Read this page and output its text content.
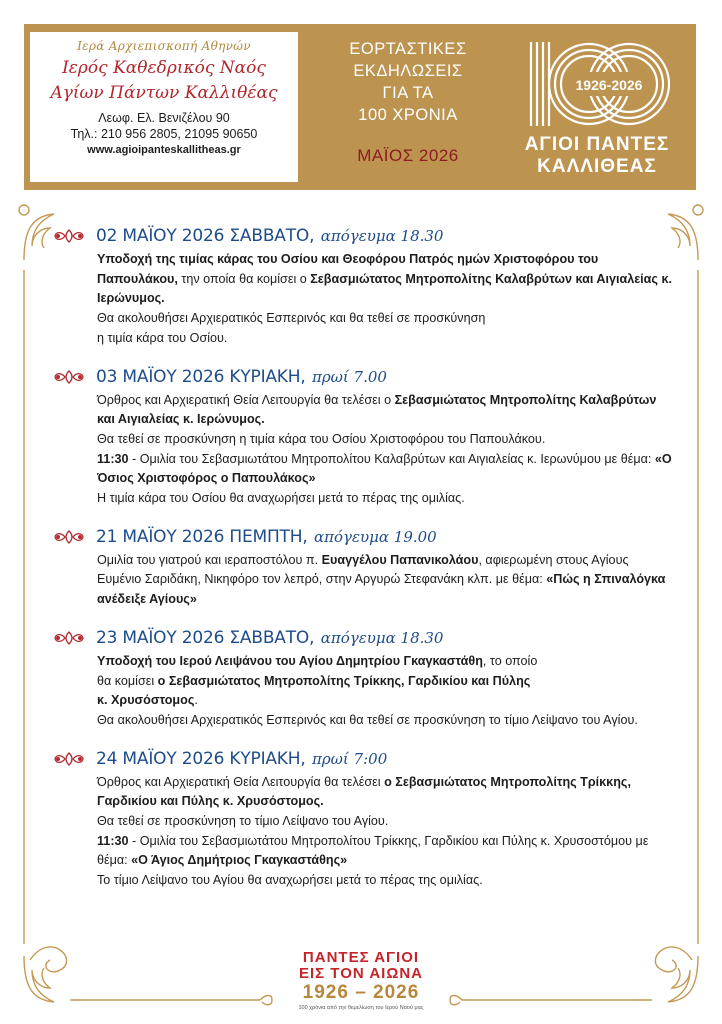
Ιερά Αρχιεπισκοπή Αθηνών
Ιερός Καθεδρικός Ναός
Αγίων Πάντων Καλλιθέας
Λεωφ. Ελ. Βενιζέλου 90
Τηλ.: 210 956 2805, 21095 90650
www.agioipanteskallitheas.gr
ΕΟΡΤΑΣΤΙΚΕΣ
ΕΚΔΗΛΩΣΕΙΣ
ΓΙΑ ΤΑ
100 ΧΡΟΝΙΑ
ΜΑΪΟΣ 2026
1926-2026
ΑΓΙΟΙ ΠΑΝΤΕΣ
ΚΑΛΛΙΘΕΑΣ
02 ΜΑΪΟΥ 2026 ΣΑΒΒΑΤΟ,
απόγευμα 18.30
Υποδοχή της τιμίας κάρας του Οσίου και Θεοφόρου Πατρός ημών Χριστοφόρου του Παπουλάκου, την οποία θα κομίσει ο Σεβασμιώτατος Μητροπολίτης Καλαβρύτων και Αιγιαλείας κ. Ιερώνυμος.
Θα ακολουθήσει Αρχιερατικός Εσπερινός και θα τεθεί σε προσκύνηση
η τιμία κάρα του Οσίου.
03 ΜΑΪΟΥ 2026 ΚΥΡΙΑΚΗ,
πρωί 7.00
Όρθρος και Αρχιερατική Θεία Λειτουργία θα τελέσει ο Σεβασμιώτατος Μητροπολίτης Καλαβρύτων και Αιγιαλείας κ. Ιερώνυμος.
Θα τεθεί σε προσκύνηση η τιμία κάρα του Οσίου Χριστοφόρου του Παπουλάκου.
11:30 - Ομιλία του Σεβασμιωτάτου Μητροπολίτου Καλαβρύτων και Αιγιαλείας κ. Ιερωνύμου με θέμα: «Ο Όσιος Χριστοφόρος ο Παπουλάκος»
Η τιμία κάρα του Οσίου θα αναχωρήσει μετά το πέρας της ομιλίας.
21 ΜΑΪΟΥ 2026 ΠΕΜΠΤΗ,
απόγευμα 19.00
Ομιλία του γιατρού και ιεραποστόλου π. Ευαγγέλου Παπανικολάου, αφιερωμένη στους Αγίους Ευμένιο Σαριδάκη, Νικηφόρο τον λεπρό, στην Αργυρώ Στεφανάκη κλπ. με θέμα: «Πώς η Σπιναλόγκα ανέδειξε Αγίους»
23 ΜΑΪΟΥ 2026 ΣΑΒΒΑΤΟ,
απόγευμα 18.30
Υποδοχή του Ιερού Λειψάνου του Αγίου Δημητρίου Γκαγκαστάθη, το οποίο
θα κομίσει ο Σεβασμιώτατος Μητροπολίτης Τρίκκης, Γαρδικίου και Πύλης
κ. Χρυσόστομος.
Θα ακολουθήσει Αρχιερατικός Εσπερινός και θα τεθεί σε προσκύνηση το τίμιο Λείψανο του Αγίου.
24 ΜΑΪΟΥ 2026 ΚΥΡΙΑΚΗ,
πρωί 7:00
Όρθρος και Αρχιερατική Θεία Λειτουργία θα τελέσει ο Σεβασμιώτατος Μητροπολίτης Τρίκκης, Γαρδικίου και Πύλης κ. Χρυσόστομος.
Θα τεθεί σε προσκύνηση το τίμιο Λείψανο του Αγίου.
11:30 - Ομιλία του Σεβασμιωτάτου Μητροπολίτου Τρίκκης, Γαρδικίου και Πύλης κ. Χρυσοστόμου με θέμα: «Ο Άγιος Δημήτριος Γκαγκαστάθης»
Το τίμιο Λείψανο του Αγίου θα αναχωρήσει μετά το πέρας της ομιλίας.
ΠΑΝΤΕΣ ΑΓΙΟΙ
ΕΙΣ ΤΟΝ ΑΙΩΝΑ
1926 – 2026
100 χρόνια από την θεμελίωση του Ιερού Ναού μας
